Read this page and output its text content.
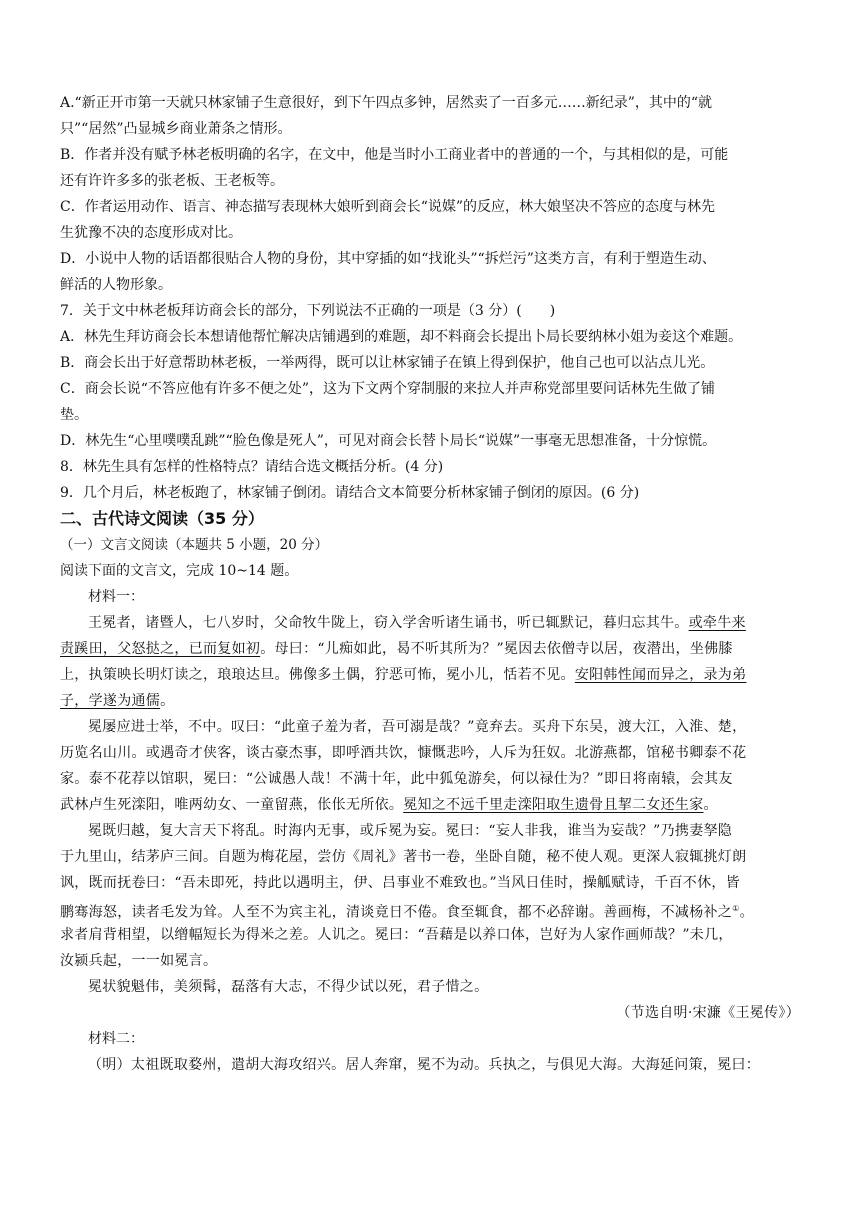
A.“新正开市第一天就只林家铺子生意很好，到下午四点多钟，居然卖了一百多元……新纪录”，其中的“就
只”“居然”凸显城乡商业萧条之情形。
B．作者并没有赋予林老板明确的名字，在文中，他是当时小工商业者中的普通的一个，与其相似的是，可能
还有许许多多的张老板、王老板等。
C．作者运用动作、语言、神态描写表现林大娘听到商会长“说媒”的反应，林大娘坚决不答应的态度与林先
生犹豫不决的态度形成对比。
D．小说中人物的话语都很贴合人物的身份，其中穿插的如“找讹头”“拆烂污”这类方言，有利于塑造生动、
鲜活的人物形象。
7．关于文中林老板拜访商会长的部分，下列说法不正确的一项是（3 分）(　　)
A．林先生拜访商会长本想请他帮忙解决店铺遇到的难题，却不料商会长提出卜局长要纳林小姐为妾这个难题。
B．商会长出于好意帮助林老板，一举两得，既可以让林家铺子在镇上得到保护，他自己也可以沾点儿光。
C．商会长说“不答应他有许多不便之处”，这为下文两个穿制服的来拉人并声称党部里要问话林先生做了铺
垫。
D．林先生“心里噗噗乱跳”“脸色像是死人”，可见对商会长替卜局长“说媒”一事毫无思想准备，十分惊慌。
8．林先生具有怎样的性格特点？请结合选文概括分析。(4 分)
9．几个月后，林老板跑了，林家铺子倒闭。请结合文本简要分析林家铺子倒闭的原因。(6 分)
二、古代诗文阅读（35 分）
（一）文言文阅读（本题共 5 小题，20 分）
阅读下面的文言文，完成 10~14 题。
材料一：
王冕者，诸暨人，七八岁时，父命牧牛陇上，窃入学舍听诸生诵书，听已辄默记，暮归忘其牛。或牵牛来
责蹊田，父怒挞之，已而复如初。母曰：“儿痴如此，曷不听其所为？”冕因去依僧寺以居，夜潜出，坐佛膝
上，执策映长明灯读之，琅琅达旦。佛像多土偶，狞恶可怖，冕小儿，恬若不见。安阳韩性闻而异之，录为弟
子，学遂为通儒。
冕屡应进士举，不中。叹曰：“此童子羞为者，吾可溺是哉？”竟弃去。买舟下东吴，渡大江，入淮、楚，
历览名山川。或遇奇才侠客，谈古豪杰事，即呼酒共饮，慷慨悲吟，人斥为狂奴。北游燕都，馆秘书卿泰不花
家。泰不花荐以馆职，冕曰：“公诚愚人哉！不满十年，此中狐兔游矣，何以禄仕为？”即日将南辕，会其友
武林卢生死滦阳，唯两幼女、一童留燕，伥伥无所依。冕知之不远千里走滦阳取生遗骨且挈二女还生家。
冕既归越，复大言天下将乱。时海内无事，或斥冕为妄。冕曰：“妄人非我，谁当为妄哉？”乃携妻孥隐
于九里山，结茅庐三间。自题为梅花屋，尝仿《周礼》著书一卷，坐卧自随，秘不使人观。更深人寂辄挑灯朗
讽，既而抚卷曰：“吾未即死，持此以遇明主，伊、吕事业不难致也。”当风日佳时，操觚赋诗，千百不休，皆
鹏骞海怒，读者毛发为耸。人至不为宾主礼，清谈竟日不倦。食至辄食，都不必辞谢。善画梅，不减杨补之①。
求者肩背相望，以缯幅短长为得米之差。人讥之。冕曰：“吾藉是以养口体，岂好为人家作画师哉？”未几，
汝颍兵起，一一如冕言。
冕状貌魁伟，美须髯，磊落有大志，不得少试以死，君子惜之。
（节选自明·宋濂《王冕传》）
材料二：
（明）太祖既取婺州，遣胡大海攻绍兴。居人奔窜，冕不为动。兵执之，与俱见大海。大海延问策，冕曰：
